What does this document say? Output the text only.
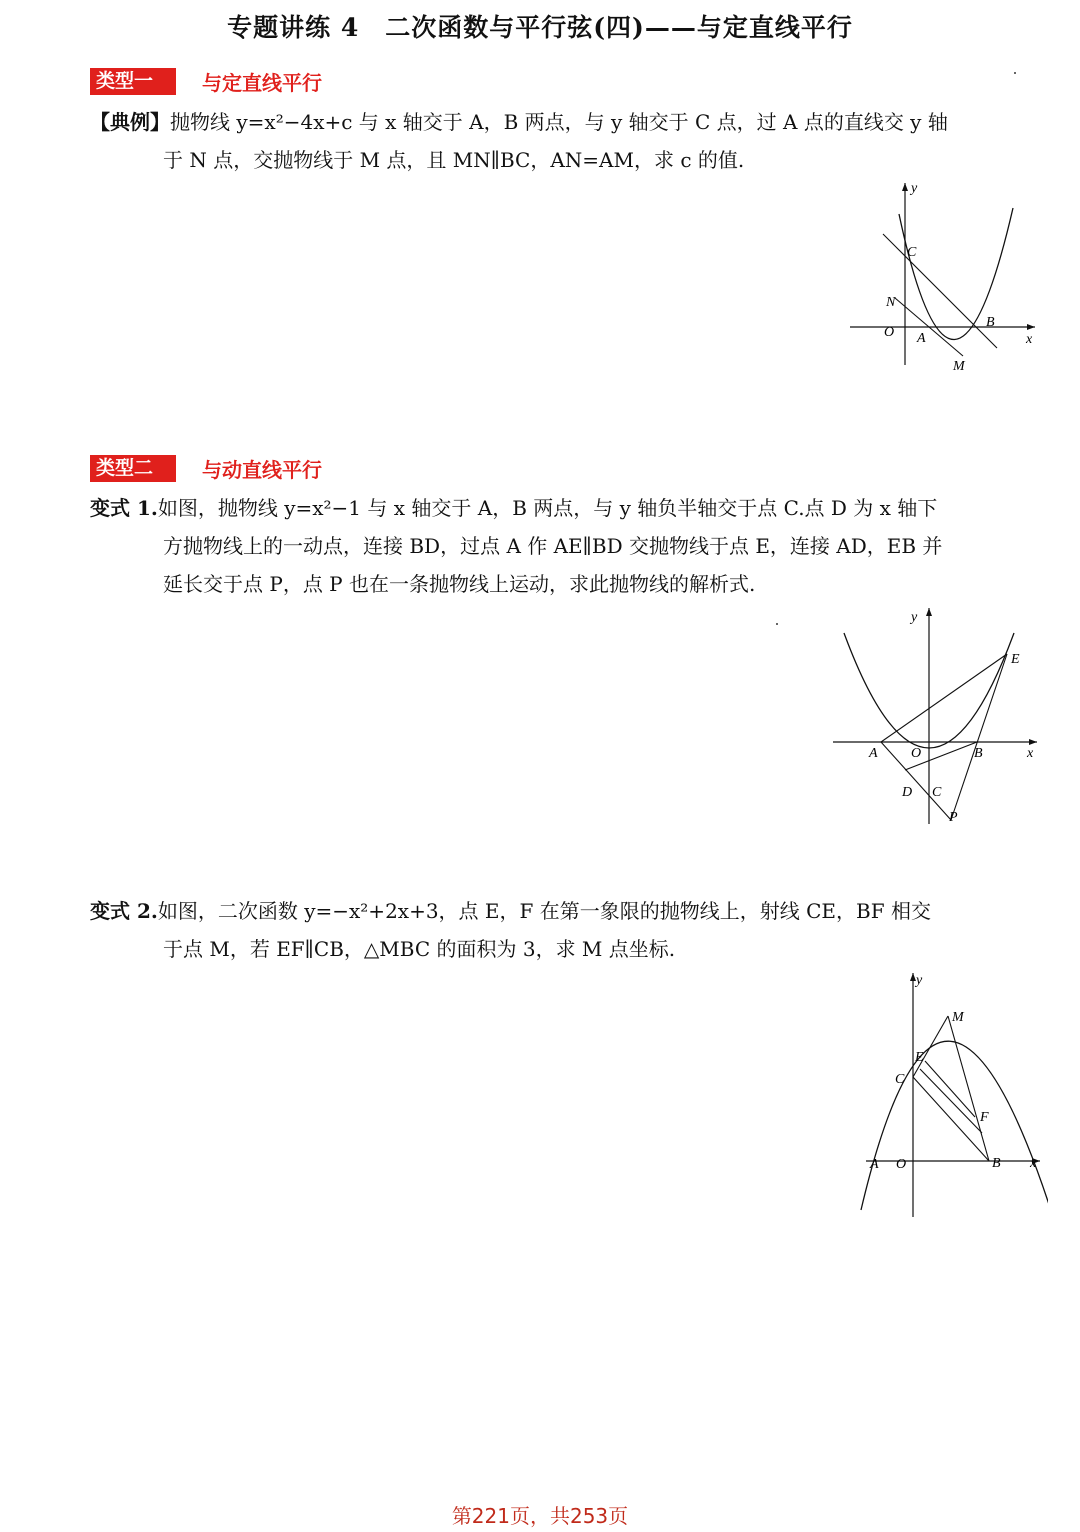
专题讲练 4　二次函数与平行弦(四)——与定直线平行
类型一	与定直线平行
【典例】抛物线 y=x²−4x+c 与 x 轴交于 A，B 两点，与 y 轴交于 C 点，过 A 点的直线交 y 轴
于 N 点，交抛物线于 M 点，且 MN∥BC，AN=AM，求 c 的值.
O A
B
C
N
M
y
x
类型二	与动直线平行
变式 1.如图，抛物线 y=x²−1 与 x 轴交于 A，B 两点，与 y 轴负半轴交于点 C.点 D 为 x 轴下
方抛物线上的一动点，连接 BD，过点 A 作 AE∥BD 交抛物线于点 E，连接 AD，EB 并
延长交于点 P，点 P 也在一条抛物线上运动，求此抛物线的解析式.
A O	B
E
D C
P
y
x
变式 2.如图，二次函数 y=−x²+2x+3，点 E，F 在第一象限的抛物线上，射线 CE，BF 相交
于点 M，若 EF∥CB，△MBC 的面积为 3，求 M 点坐标.
A O	B
C
E
F
M
y
x
第221页，共253页
